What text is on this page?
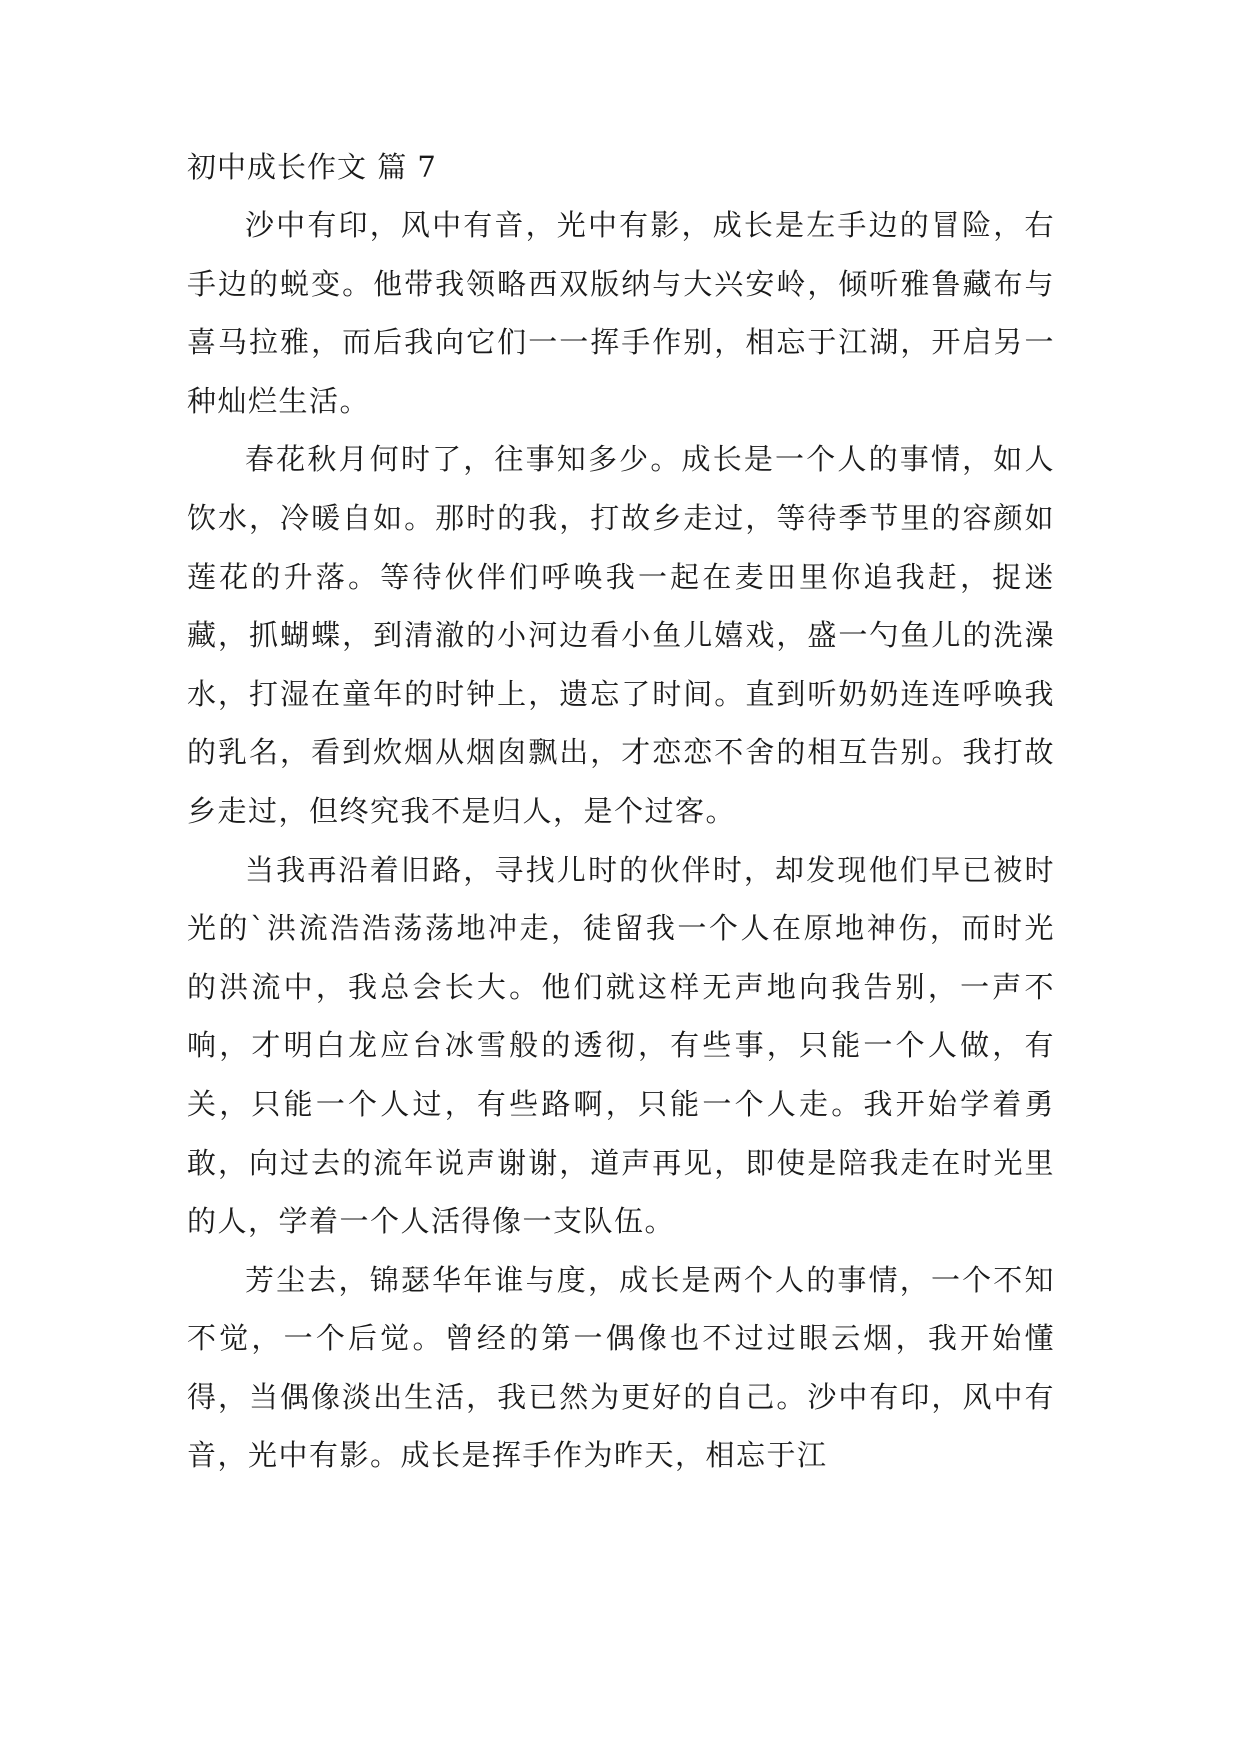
初中成长作文 篇 7

沙中有印，风中有音，光中有影，成长是左手边的冒险，右手边的蜕变。他带我领略西双版纳与大兴安岭，倾听雅鲁藏布与喜马拉雅，而后我向它们一一挥手作别，相忘于江湖，开启另一种灿烂生活。

春花秋月何时了，往事知多少。成长是一个人的事情，如人饮水，冷暖自如。那时的我，打故乡走过，等待季节里的容颜如莲花的升落。等待伙伴们呼唤我一起在麦田里你追我赶，捉迷藏，抓蝴蝶，到清澈的小河边看小鱼儿嬉戏，盛一勺鱼儿的洗澡水，打湿在童年的时钟上，遗忘了时间。直到听奶奶连连呼唤我的乳名，看到炊烟从烟囱飘出，才恋恋不舍的相互告别。我打故乡走过，但终究我不是归人，是个过客。

当我再沿着旧路，寻找儿时的伙伴时，却发现他们早已被时光的`洪流浩浩荡荡地冲走，徒留我一个人在原地神伤，而时光的洪流中，我总会长大。他们就这样无声地向我告别，一声不响，才明白龙应台冰雪般的透彻，有些事，只能一个人做，有关，只能一个人过，有些路啊，只能一个人走。我开始学着勇敢，向过去的流年说声谢谢，道声再见，即使是陪我走在时光里的人，学着一个人活得像一支队伍。

芳尘去，锦瑟华年谁与度，成长是两个人的事情，一个不知不觉，一个后觉。曾经的第一偶像也不过过眼云烟，我开始懂得，当偶像淡出生活，我已然为更好的自己。沙中有印，风中有音，光中有影。成长是挥手作为昨天，相忘于江
